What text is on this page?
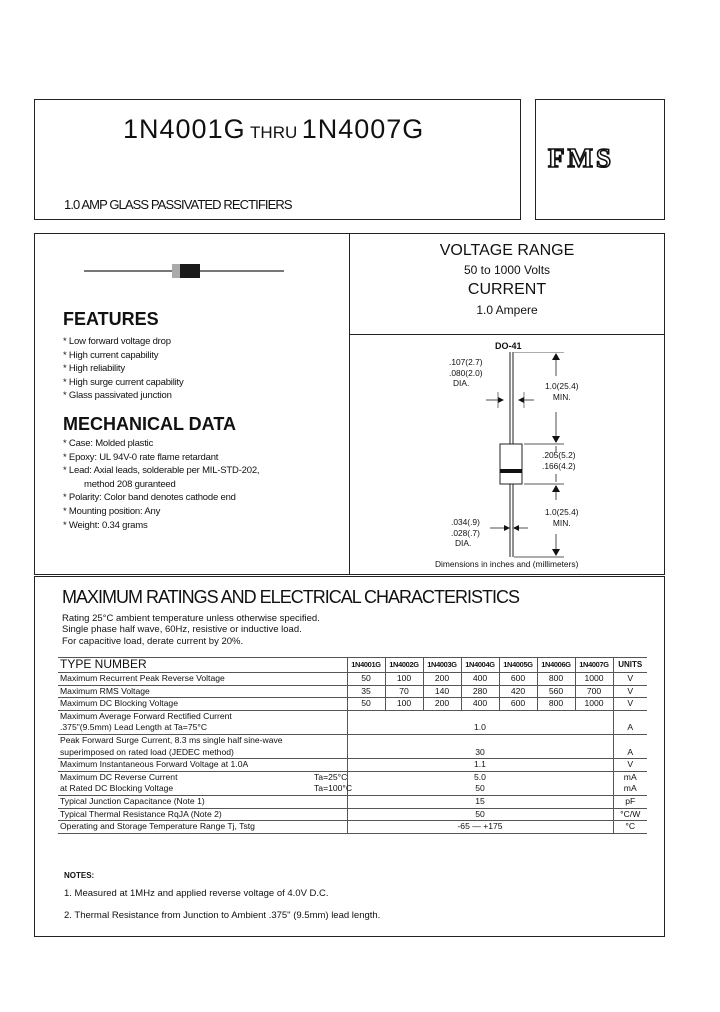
1N4001G THRU 1N4007G
1.0 AMP GLASS PASSIVATED RECTIFIERS
FMS
FEATURES
* Low forward voltage drop
* High current capability
* High reliability
* High surge current capability
* Glass passivated junction
MECHANICAL DATA
* Case: Molded plastic
* Epoxy: UL 94V-0 rate flame retardant
* Lead: Axial leads, solderable per MIL-STD-202,
method 208 guranteed
* Polarity: Color band denotes cathode end
* Mounting position: Any
* Weight: 0.34 grams
VOLTAGE RANGE
50 to 1000 Volts
CURRENT
1.0 Ampere
DO-41
.107(2.7)
.080(2.0)
DIA.	1.0(25.4)
MIN.
.205(5.2)
.166(4.2)
1.0(25.4)
MIN.
.034(.9)
.028(.7)
DIA.
Dimensions in inches and (millimeters)
MAXIMUM RATINGS AND ELECTRICAL CHARACTERISTICS
Rating 25°C ambient temperature unless otherwise specified.
Single phase half wave, 60Hz, resistive or inductive load.
For capacitive load, derate current by 20%.
TYPE NUMBER	1N4001G	1N4002G	1N4003G	1N4004G	1N4005G	1N4006G	1N4007G	UNITS
Maximum Recurrent Peak Reverse Voltage	50	100	200	400	600	800	1000	V
Maximum RMS Voltage	35	70	140	280	420	560	700	V
Maximum DC Blocking Voltage	50	100	200	400	600	800	1000	V
Maximum Average Forward Rectified Current								
.375"(9.5mm) Lead Length at Ta=75°C	1.0							A
Peak Forward Surge Current, 8.3 ms single half sine-wave								
superimposed on rated load (JEDEC method)	30							A
Maximum Instantaneous Forward Voltage at 1.0A	1.1							V
Maximum DC Reverse Current Ta=25°C	5.0							mA
at Rated DC Blocking Voltage Ta=100°C	50							mA
Typical Junction Capacitance (Note 1)	15							pF
Typical Thermal Resistance RqJA (Note 2)	50							°C/W
Operating and Storage Temperature Range Tj, Tstg	-65 — +175							°C
NOTES:
1. Measured at 1MHz and applied reverse voltage of 4.0V D.C.
2. Thermal Resistance from Junction to Ambient .375" (9.5mm) lead length.
